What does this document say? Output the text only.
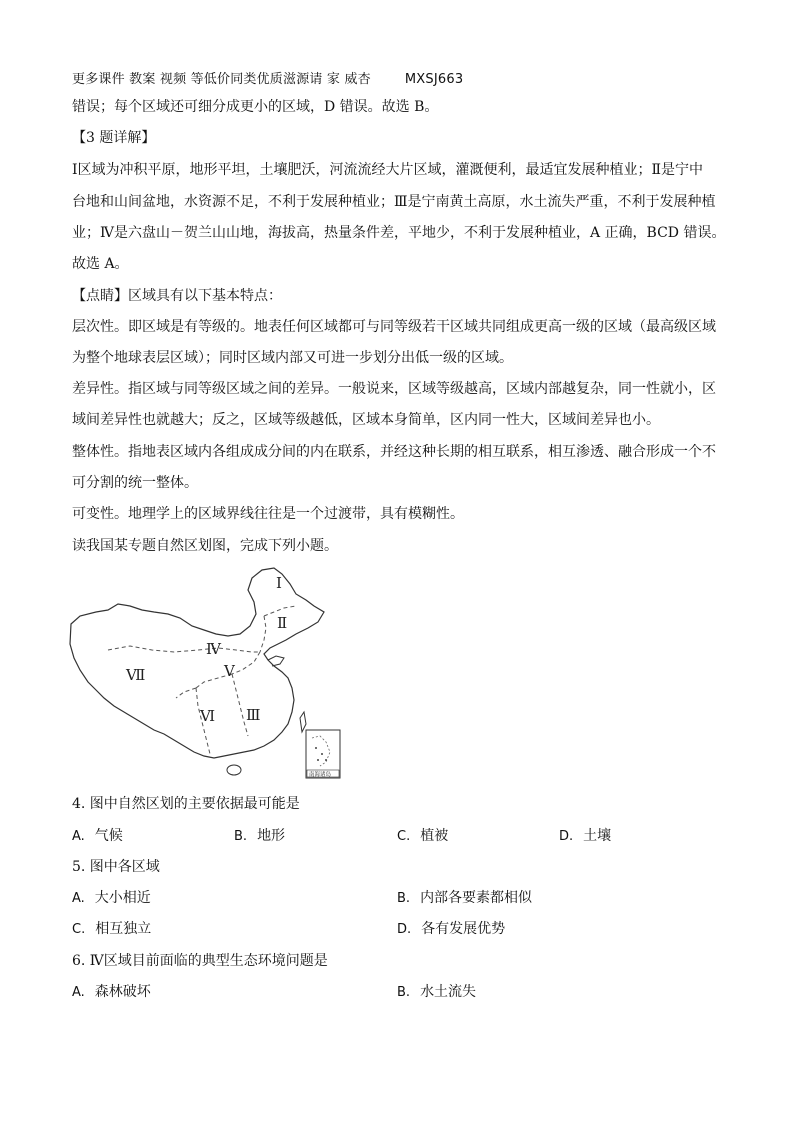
更多课件 教案 视频 等低价同类优质滋源请 家 威杏	MXSJ663
错误；每个区域还可细分成更小的区域，D 错误。故选 B。
【3 题详解】
Ⅰ区域为冲积平原，地形平坦，土壤肥沃，河流流经大片区域，灌溉便利，最适宜发展种植业；Ⅱ是宁中
台地和山间盆地，水资源不足，不利于发展种植业；Ⅲ是宁南黄土高原，水土流失严重，不利于发展种植
业；Ⅳ是六盘山－贺兰山山地，海拔高，热量条件差，平地少，不利于发展种植业，A 正确，BCD 错误。
故选 A。
【点睛】区域具有以下基本特点：
层次性。即区域是有等级的。地表任何区域都可与同等级若干区域共同组成更高一级的区域（最高级区域
为整个地球表层区域）；同时区域内部又可进一步划分出低一级的区域。
差异性。指区域与同等级区域之间的差异。一般说来，区域等级越高，区域内部越复杂，同一性就小，区
域间差异性也就越大；反之，区域等级越低，区域本身简单，区内同一性大，区域间差异也小。
整体性。指地表区域内各组成成分间的内在联系，并经这种长期的相互联系，相互渗透、融合形成一个不
可分割的统一整体。
可变性。地理学上的区域界线往往是一个过渡带，具有模糊性。
读我国某专题自然区划图，完成下列小题。
Ⅰ
Ⅱ
Ⅲ
Ⅳ
Ⅴ
Ⅵ
Ⅶ
南海诸岛
4. 图中自然区划的主要依据最可能是
A. 气候	B. 地形	C. 植被	D. 土壤
5. 图中各区域
A. 大小相近	B. 内部各要素都相似
C. 相互独立	D. 各有发展优势
6. Ⅳ区域目前面临的典型生态环境问题是
A. 森林破坏	B. 水土流失
